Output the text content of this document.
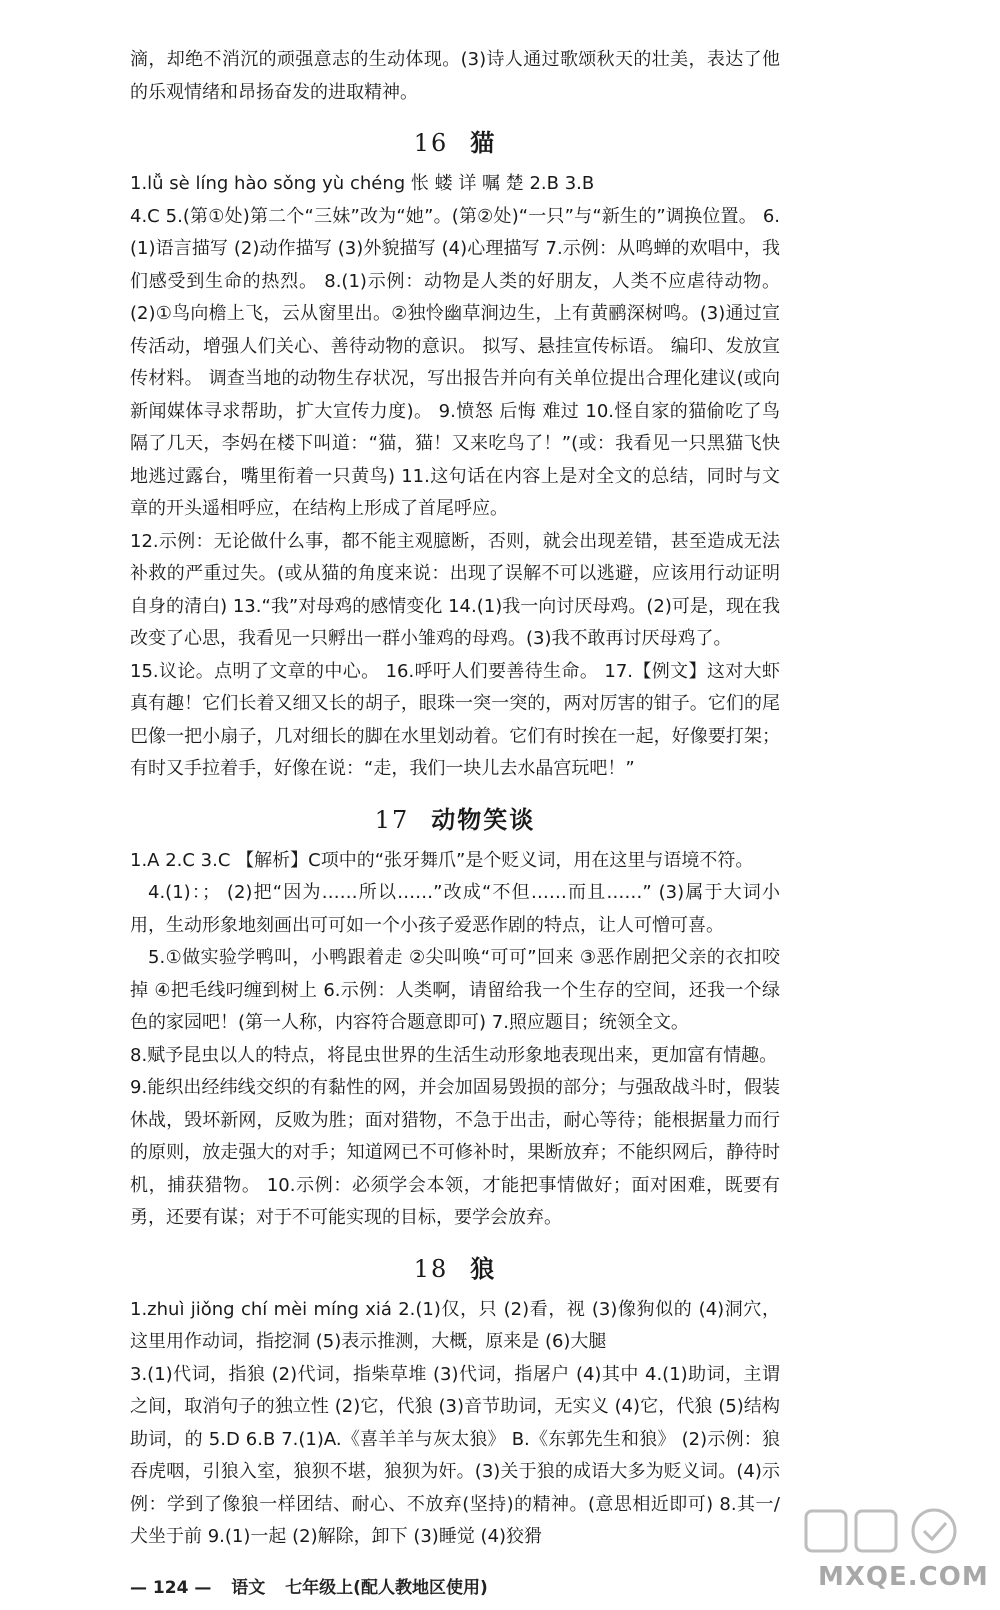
滴，却绝不消沉的顽强意志的生动体现。(3)诗人通过歌颂秋天的壮美，表达了他的乐观情绪和昂扬奋发的进取精神。

16 猫

1.lǚ sè líng hào sǒng yù chéng 怅 蝼 详 嘱 楚 2.B 3.B

4.C 5.(第①处)第二个“三妹”改为“她”。(第②处)“一只”与“新生的”调换位置。 6.(1)语言描写 (2)动作描写 (3)外貌描写 (4)心理描写 7.示例：从鸣蝉的欢唱中，我们感受到生命的热烈。 8.(1)示例：动物是人类的好朋友，人类不应虐待动物。(2)①鸟向檐上飞，云从窗里出。②独怜幽草涧边生，上有黄鹂深树鸣。(3)通过宣传活动，增强人们关心、善待动物的意识。 拟写、悬挂宣传标语。 编印、发放宣传材料。 调查当地的动物生存状况，写出报告并向有关单位提出合理化建议(或向新闻媒体寻求帮助，扩大宣传力度)。 9.愤怒 后悔 难过 10.怪自家的猫偷吃了鸟 隔了几天，李妈在楼下叫道：“猫，猫！又来吃鸟了！”(或：我看见一只黑猫飞快地逃过露台，嘴里衔着一只黄鸟) 11.这句话在内容上是对全文的总结，同时与文章的开头遥相呼应，在结构上形成了首尾呼应。

12.示例：无论做什么事，都不能主观臆断，否则，就会出现差错，甚至造成无法补救的严重过失。(或从猫的角度来说：出现了误解不可以逃避，应该用行动证明自身的清白) 13.“我”对母鸡的感情变化 14.(1)我一向讨厌母鸡。(2)可是，现在我改变了心思，我看见一只孵出一群小雏鸡的母鸡。(3)我不敢再讨厌母鸡了。

15.议论。点明了文章的中心。 16.呼吁人们要善待生命。 17.【例文】这对大虾真有趣！它们长着又细又长的胡子，眼珠一突一突的，两对厉害的钳子。它们的尾巴像一把小扇子，几对细长的脚在水里划动着。它们有时挨在一起，好像要打架；有时又手拉着手，好像在说：“走，我们一块儿去水晶宫玩吧！”

17 动物笑谈

1.A 2.C 3.C 【解析】C项中的“张牙舞爪”是个贬义词，用在这里与语境不符。

4.(1)：； (2)把“因为……所以……”改成“不但……而且……” (3)属于大词小用，生动形象地刻画出可可如一个小孩子爱恶作剧的特点，让人可憎可喜。

5.①做实验学鸭叫，小鸭跟着走 ②尖叫唤“可可”回来 ③恶作剧把父亲的衣扣咬掉 ④把毛线叼缠到树上 6.示例：人类啊，请留给我一个生存的空间，还我一个绿色的家园吧！(第一人称，内容符合题意即可) 7.照应题目；统领全文。

8.赋予昆虫以人的特点，将昆虫世界的生活生动形象地表现出来，更加富有情趣。

9.能织出经纬线交织的有黏性的网，并会加固易毁损的部分；与强敌战斗时，假装休战，毁坏新网，反败为胜；面对猎物，不急于出击，耐心等待；能根据量力而行的原则，放走强大的对手；知道网已不可修补时，果断放弃；不能织网后，静待时机，捕获猎物。 10.示例：必须学会本领，才能把事情做好；面对困难，既要有勇，还要有谋；对于不可能实现的目标，要学会放弃。

18 狼

1.zhuì jiǒng chí mèi míng xiá 2.(1)仅，只 (2)看，视 (3)像狗似的 (4)洞穴，这里用作动词，指挖洞 (5)表示推测，大概，原来是 (6)大腿

3.(1)代词，指狼 (2)代词，指柴草堆 (3)代词，指屠户 (4)其中 4.(1)助词，主谓之间，取消句子的独立性 (2)它，代狼 (3)音节助词，无实义 (4)它，代狼 (5)结构助词，的 5.D 6.B 7.(1)A.《喜羊羊与灰太狼》 B.《东郭先生和狼》 (2)示例：狼吞虎咽，引狼入室，狼狈不堪，狼狈为奸。(3)关于狼的成语大多为贬义词。(4)示例：学到了像狼一样团结、耐心、不放弃(坚持)的精神。(意思相近即可) 8.其一/犬坐于前 9.(1)一起 (2)解除，卸下 (3)睡觉 (4)狡猾

— 124 — 语文 七年级上(配人教地区使用)	MXQE.COM
